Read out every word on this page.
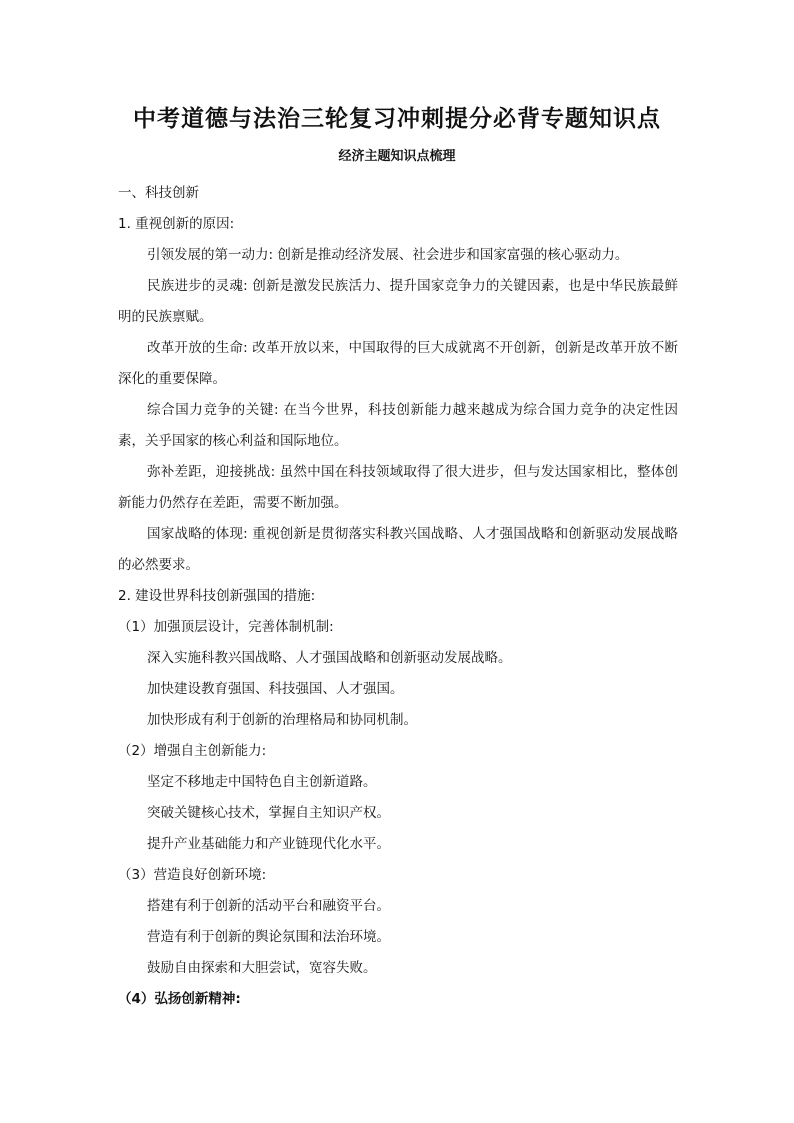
中考道德与法治三轮复习冲刺提分必背专题知识点
经济主题知识点梳理

一、科技创新

1. 重视创新的原因:

引领发展的第一动力: 创新是推动经济发展、社会进步和国家富强的核心驱动力。

民族进步的灵魂: 创新是激发民族活力、提升国家竞争力的关键因素，也是中华民族最鲜明的民族禀赋。

改革开放的生命: 改革开放以来，中国取得的巨大成就离不开创新，创新是改革开放不断深化的重要保障。

综合国力竞争的关键: 在当今世界，科技创新能力越来越成为综合国力竞争的决定性因素，关乎国家的核心利益和国际地位。

弥补差距，迎接挑战: 虽然中国在科技领域取得了很大进步，但与发达国家相比，整体创新能力仍然存在差距，需要不断加强。

国家战略的体现: 重视创新是贯彻落实科教兴国战略、人才强国战略和创新驱动发展战略的必然要求。

2. 建设世界科技创新强国的措施:

（1）加强顶层设计，完善体制机制:

深入实施科教兴国战略、人才强国战略和创新驱动发展战略。

加快建设教育强国、科技强国、人才强国。

加快形成有利于创新的治理格局和协同机制。

（2）增强自主创新能力:

坚定不移地走中国特色自主创新道路。

突破关键核心技术，掌握自主知识产权。

提升产业基础能力和产业链现代化水平。

（3）营造良好创新环境:

搭建有利于创新的活动平台和融资平台。

营造有利于创新的舆论氛围和法治环境。

鼓励自由探索和大胆尝试，宽容失败。

（4）弘扬创新精神:
